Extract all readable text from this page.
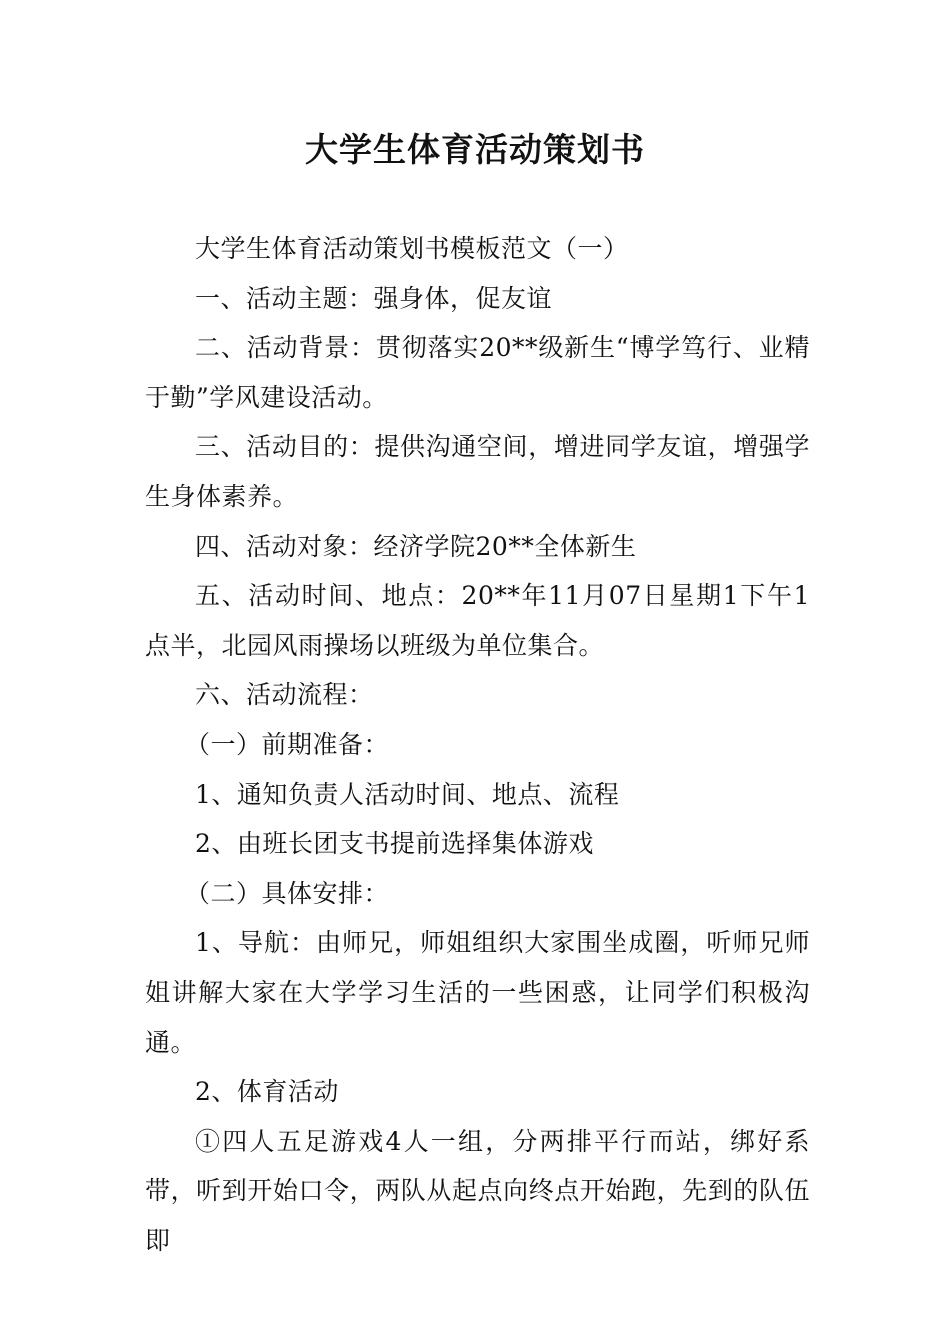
大学生体育活动策划书

大学生体育活动策划书模板范文（一）

一、活动主题：强身体，促友谊

二、活动背景：贯彻落实20**级新生“博学笃行、业精于勤”学风建设活动。

三、活动目的：提供沟通空间，增进同学友谊，增强学生身体素养。

四、活动对象：经济学院20**全体新生

五、活动时间、地点：20**年11月07日星期1下午1点半，北园风雨操场以班级为单位集合。

六、活动流程：

（一）前期准备：

1、通知负责人活动时间、地点、流程

2、由班长团支书提前选择集体游戏

（二）具体安排：

1、导航：由师兄，师姐组织大家围坐成圈，听师兄师姐讲解大家在大学学习生活的一些困惑，让同学们积极沟通。

2、体育活动

①四人五足游戏4人一组，分两排平行而站，绑好系带，听到开始口令，两队从起点向终点开始跑，先到的队伍即
